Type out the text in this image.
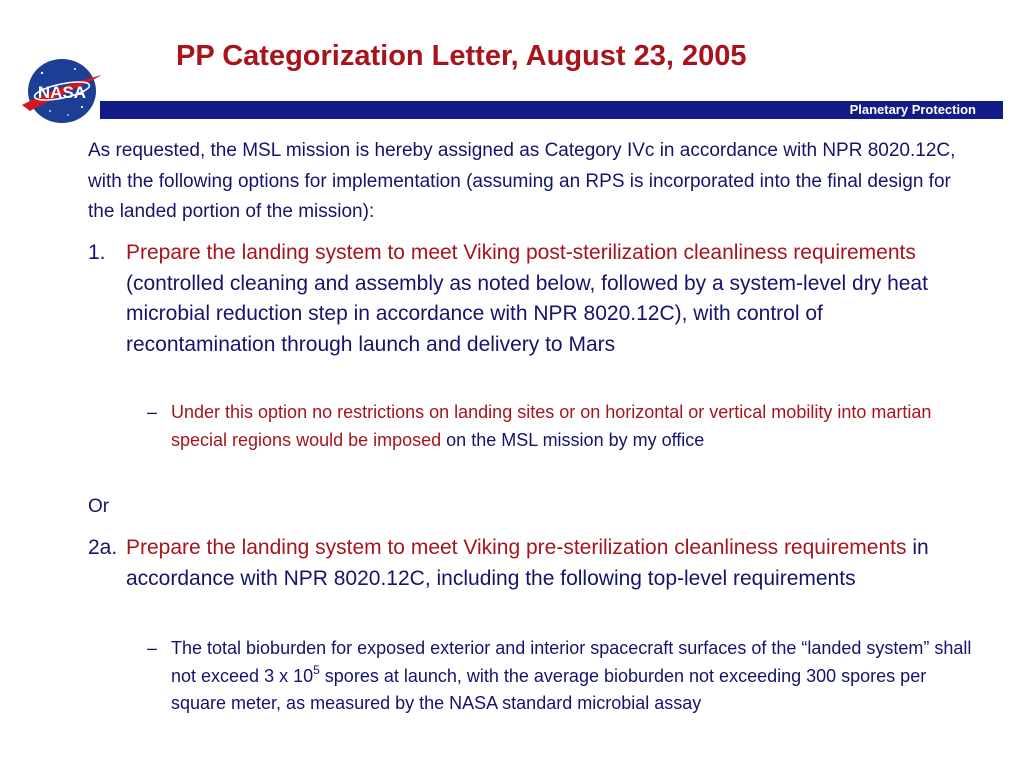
NASA
PP Categorization Letter, August 23, 2005
Planetary Protection
As requested, the MSL mission is hereby assigned as Category IVc in accordance with NPR 8020.12C, with the following options for implementation (assuming an RPS is incorporated into the final design for the landed portion of the mission):
1. Prepare the landing system to meet Viking post-sterilization cleanliness requirements (controlled cleaning and assembly as noted below, followed by a system-level dry heat microbial reduction step in accordance with NPR 8020.12C), with control of recontamination through launch and delivery to Mars
– Under this option no restrictions on landing sites or on horizontal or vertical mobility into martian special regions would be imposed on the MSL mission by my office
Or
2a. Prepare the landing system to meet Viking pre-sterilization cleanliness requirements in accordance with NPR 8020.12C, including the following top-level requirements
– The total bioburden for exposed exterior and interior spacecraft surfaces of the “landed system” shall not exceed 3 x $10^5$ spores at launch, with the average bioburden not exceeding 300 spores per square meter, as measured by the NASA standard microbial assay
